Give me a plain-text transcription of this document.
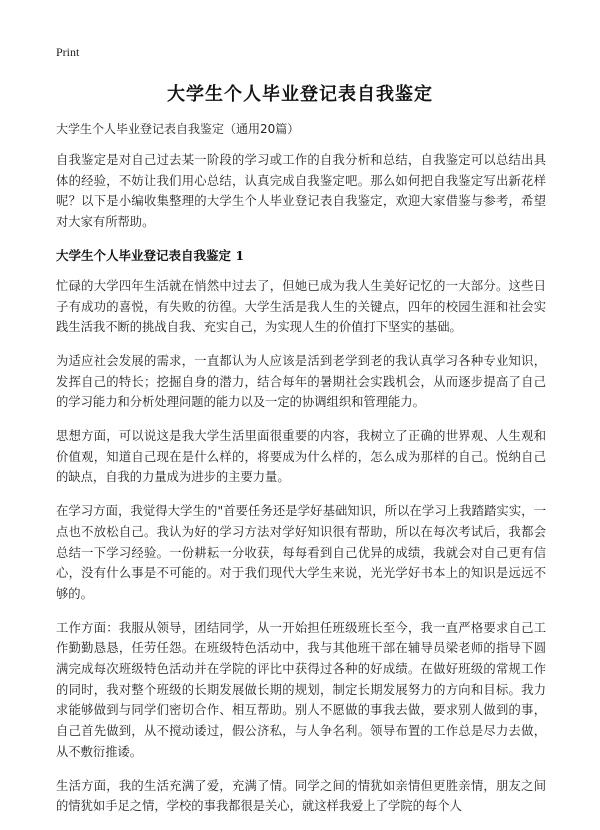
Print
大学生个人毕业登记表自我鉴定

大学生个人毕业登记表自我鉴定（通用20篇）

自我鉴定是对自己过去某一阶段的学习或工作的自我分析和总结，自我鉴定可以总结出具体的经验，不妨让我们用心总结，认真完成自我鉴定吧。那么如何把自我鉴定写出新花样呢？以下是小编收集整理的大学生个人毕业登记表自我鉴定，欢迎大家借鉴与参考，希望对大家有所帮助。

大学生个人毕业登记表自我鉴定 1

忙碌的大学四年生活就在悄然中过去了，但她已成为我人生美好记忆的一大部分。这些日子有成功的喜悦，有失败的彷徨。大学生活是我人生的关键点，四年的校园生涯和社会实践生活我不断的挑战自我、充实自己，为实现人生的价值打下坚实的基础。

为适应社会发展的需求，一直都认为人应该是活到老学到老的我认真学习各种专业知识，发挥自己的特长；挖掘自身的潜力，结合每年的暑期社会实践机会，从而逐步提高了自己的学习能力和分析处理问题的能力以及一定的协调组织和管理能力。

思想方面，可以说这是我大学生活里面很重要的内容，我树立了正确的世界观、人生观和价值观，知道自己现在是什么样的，将要成为什么样的，怎么成为那样的自己。悦纳自己的缺点，自我的力量成为进步的主要力量。

在学习方面，我觉得大学生的"首要任务还是学好基础知识，所以在学习上我踏踏实实，一点也不放松自己。我认为好的学习方法对学好知识很有帮助，所以在每次考试后，我都会总结一下学习经验。一份耕耘一分收获，每每看到自己优异的成绩，我就会对自己更有信心，没有什么事是不可能的。对于我们现代大学生来说，光光学好书本上的知识是远远不够的。

工作方面：我服从领导，团结同学，从一开始担任班级班长至今，我一直严格要求自己工作勤勤恳恳，任劳任怨。在班级特色活动中，我与其他班干部在辅导员梁老师的指导下圆满完成每次班级特色活动并在学院的评比中获得过各种的好成绩。在做好班级的常规工作的同时，我对整个班级的长期发展做长期的规划，制定长期发展努力的方向和目标。我力求能够做到与同学们密切合作、相互帮助。别人不愿做的事我去做，要求别人做到的事，自己首先做到，从不搅动诿过，假公济私，与人争名利。领导布置的工作总是尽力去做，从不敷衍推诿。

生活方面，我的生活充满了爱，充满了情。同学之间的情犹如亲情但更胜亲情，朋友之间的情犹如手足之情，学校的事我都很是关心，就这样我爱上了学院的每个人
